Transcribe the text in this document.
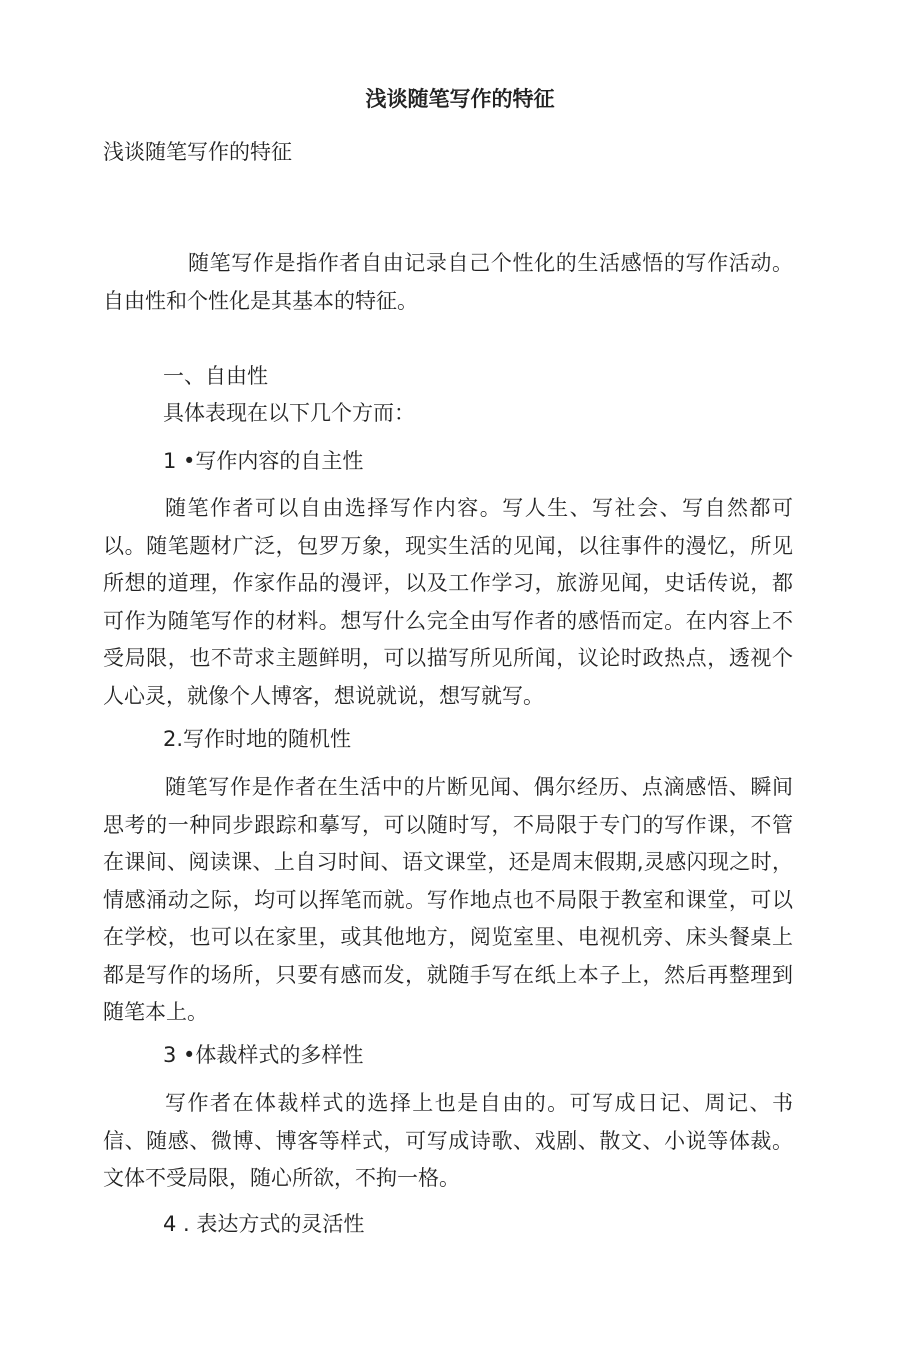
浅谈随笔写作的特征
浅谈随笔写作的特征

随笔写作是指作者自由记录自己个性化的生活感悟的写作活动。自由性和个性化是其基本的特征。

一、自由性
具体表现在以下几个方而：
1 •写作内容的自主性

随笔作者可以自由选择写作内容。写人生、写社会、写自然都可以。随笔题材广泛，包罗万象，现实生活的见闻，以往事件的漫忆，所见所想的道理，作家作品的漫评，以及工作学习，旅游见闻，史话传说，都可作为随笔写作的材料。想写什么完全由写作者的感悟而定。在内容上不受局限，也不苛求主题鲜明，可以描写所见所闻，议论时政热点，透视个人心灵，就像个人博客，想说就说，想写就写。

2.写作时地的随机性

随笔写作是作者在生活中的片断见闻、偶尔经历、点滴感悟、瞬间思考的一种同步跟踪和摹写，可以随时写，不局限于专门的写作课，不管在课间、阅读课、上自习时间、语文课堂，还是周末假期,灵感闪现之时，情感涌动之际，均可以挥笔而就。写作地点也不局限于教室和课堂，可以在学校，也可以在家里，或其他地方，阅览室里、电视机旁、床头餐桌上都是写作的场所，只要有感而发，就随手写在纸上本子上，然后再整理到随笔本上。

3 •体裁样式的多样性

写作者在体裁样式的选择上也是自由的。可写成日记、周记、书信、随感、微博、博客等样式，可写成诗歌、戏剧、散文、小说等体裁。文体不受局限，随心所欲，不拘一格。

4 . 表达方式的灵活性
